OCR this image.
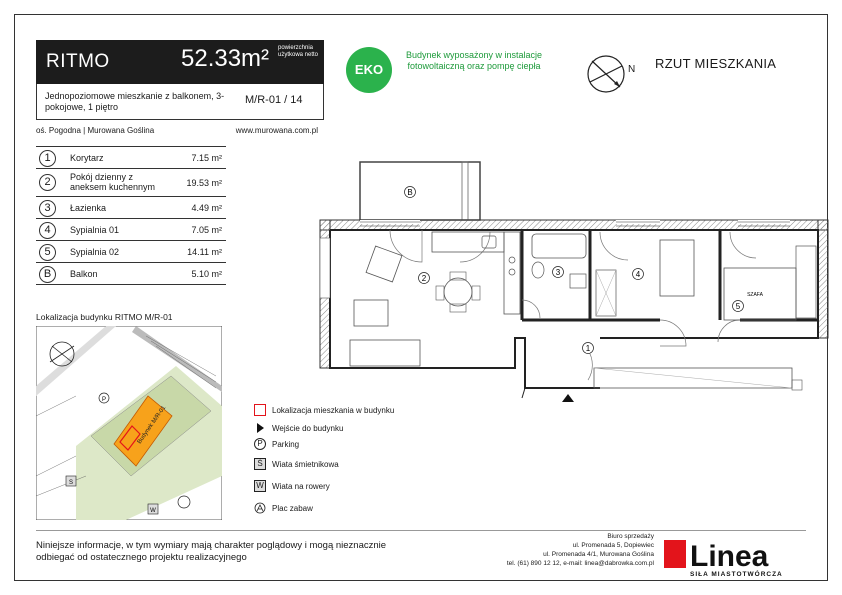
RITMO	52.33m² powierzchnia użytkowa netto
Jednopoziomowe mieszkanie z balkonem, 3-pokojowe, 1 piętro
M/R-01 / 14
oś. Pogodna | Murowana Goślina	www.murowana.com.pl
1	Korytarz	7.15 m²
2	Pokój dzienny z aneksem kuchennym	19.53 m²
3	Łazienka	4.49 m²
4	Sypialnia 01	7.05 m²
5	Sypialnia 02	14.11 m²
B	Balkon	5.10 m²
EKO
Budynek wyposażony w instalacje fotowoltaiczną oraz pompę ciepła	N RZUT MIESZKANIA
B
2
3	4
5
1
SZAFA
Lokalizacja budynku RITMO M/R-01
Budynek M/R-01
P
S
W
Lokalizacja mieszkania w budynku
Wejście do budynku
P	Parking
Ś	Wiata śmietnikowa
W Wiata na rowery
Plac zabaw
Niniejsze informacje, w tym wymiary mają charakter poglądowy i mogą nieznacznie odbiegać od ostatecznego projektu realizacyjnego
Biuro sprzedaży
ul. Promenada 5, Dopiewiec
ul. Promenada 4/1, Murowana Goślina
tel. (61) 890 12 12, e-mail: linea@dabrowka.com.pl Linea
SIŁA MIASTOTWÓRCZA
